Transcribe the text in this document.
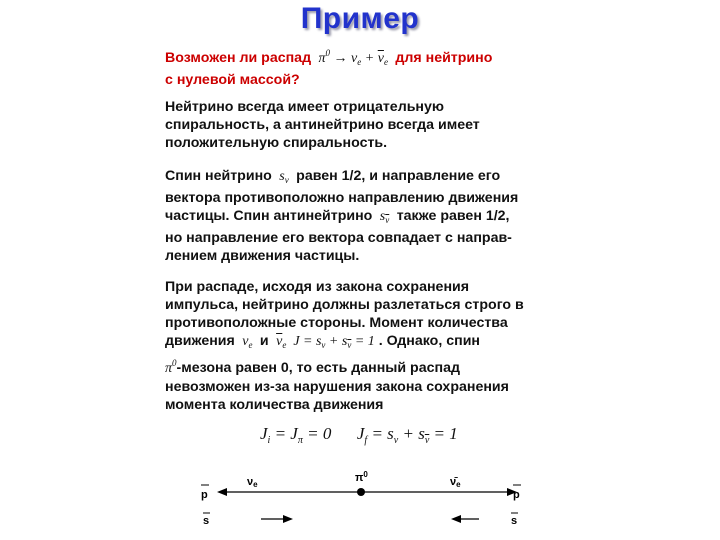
Пример
Возможен ли распад  $\pi^0 \to \nu_e + \overline{\nu}_e$ для нейтрино
с нулевой массой?
Нейтрино всегда имеет отрицательную
спиральность, а антинейтрино всегда имеет
положительную спиральность.
Спин нейтрино  $s_\nu$ равен 1/2, и направление его
вектора противоположно направлению движения
частицы. Спин антинейтрино  $s_{\overline{\nu}}$ также равен 1/2,
но направление его вектора совпадает с направ-
лением движения частицы.
При распаде, исходя из закона сохранения
импульса, нейтрино должны разлетаться строго в
противоположные стороны. Момент количества
движения  $\nu_e$ и $\overline{\nu}_e$  $J = s_\nu + s_{\overline{\nu}} = 1$ . Однако, спин
$\pi^0$-мезона равен 0, то есть данный распад
невозможен из-за нарушения закона сохранения
момента количества движения
$J_i = J_\pi = 0$      $J_f = s_\nu + s_{\overline{\nu}} = 1$
νe
$\pi^0$
ν̄e
p	p
s	s
